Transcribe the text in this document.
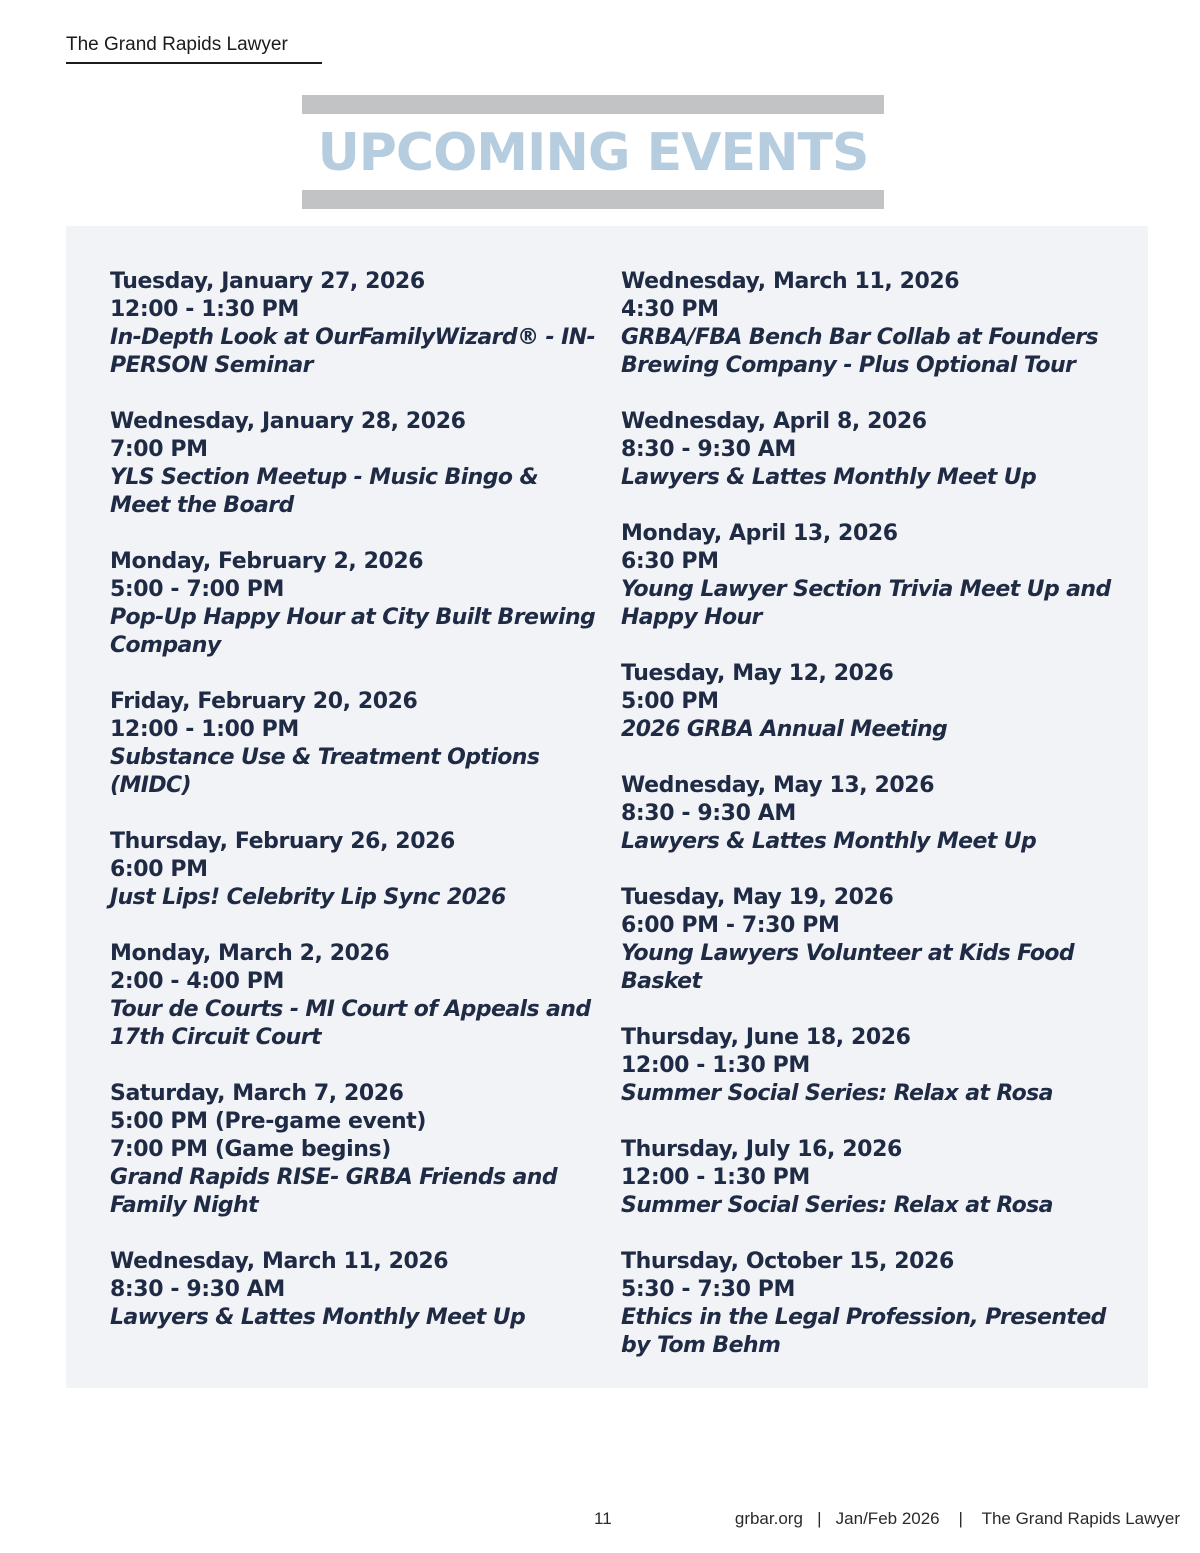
The Grand Rapids Lawyer
UPCOMING EVENTS
Tuesday, January 27, 2026
12:00 - 1:30 PM
In-Depth Look at OurFamilyWizard® - IN-PERSON Seminar
Wednesday, January 28, 2026
7:00 PM
YLS Section Meetup - Music Bingo & Meet the Board
Monday, February 2, 2026
5:00 - 7:00 PM
Pop-Up Happy Hour at City Built Brewing Company
Friday, February 20, 2026
12:00 - 1:00 PM
Substance Use & Treatment Options (MIDC)
Thursday, February 26, 2026
6:00 PM
Just Lips! Celebrity Lip Sync 2026
Monday, March 2, 2026
2:00 - 4:00 PM
Tour de Courts - MI Court of Appeals and 17th Circuit Court
Saturday, March 7, 2026
5:00 PM (Pre-game event)
7:00 PM (Game begins)
Grand Rapids RISE- GRBA Friends and Family Night
Wednesday, March 11, 2026
8:30 - 9:30 AM
Lawyers & Lattes Monthly Meet Up
Wednesday, March 11, 2026
4:30 PM
GRBA/FBA Bench Bar Collab at Founders Brewing Company - Plus Optional Tour
Wednesday, April 8, 2026
8:30 - 9:30 AM
Lawyers & Lattes Monthly Meet Up
Monday, April 13, 2026
6:30 PM
Young Lawyer Section Trivia Meet Up and Happy Hour
Tuesday, May 12, 2026
5:00 PM
2026 GRBA Annual Meeting
Wednesday, May 13, 2026
8:30 - 9:30 AM
Lawyers & Lattes Monthly Meet Up
Tuesday, May 19, 2026
6:00 PM - 7:30 PM
Young Lawyers Volunteer at Kids Food Basket
Thursday, June 18, 2026
12:00 - 1:30 PM
Summer Social Series: Relax at Rosa
Thursday, July 16, 2026
12:00 - 1:30 PM
Summer Social Series: Relax at Rosa
Thursday, October 15, 2026
5:30 - 7:30 PM
Ethics in the Legal Profession, Presented by Tom Behm
11	grbar.org | Jan/Feb 2026 | The Grand Rapids Lawyer
